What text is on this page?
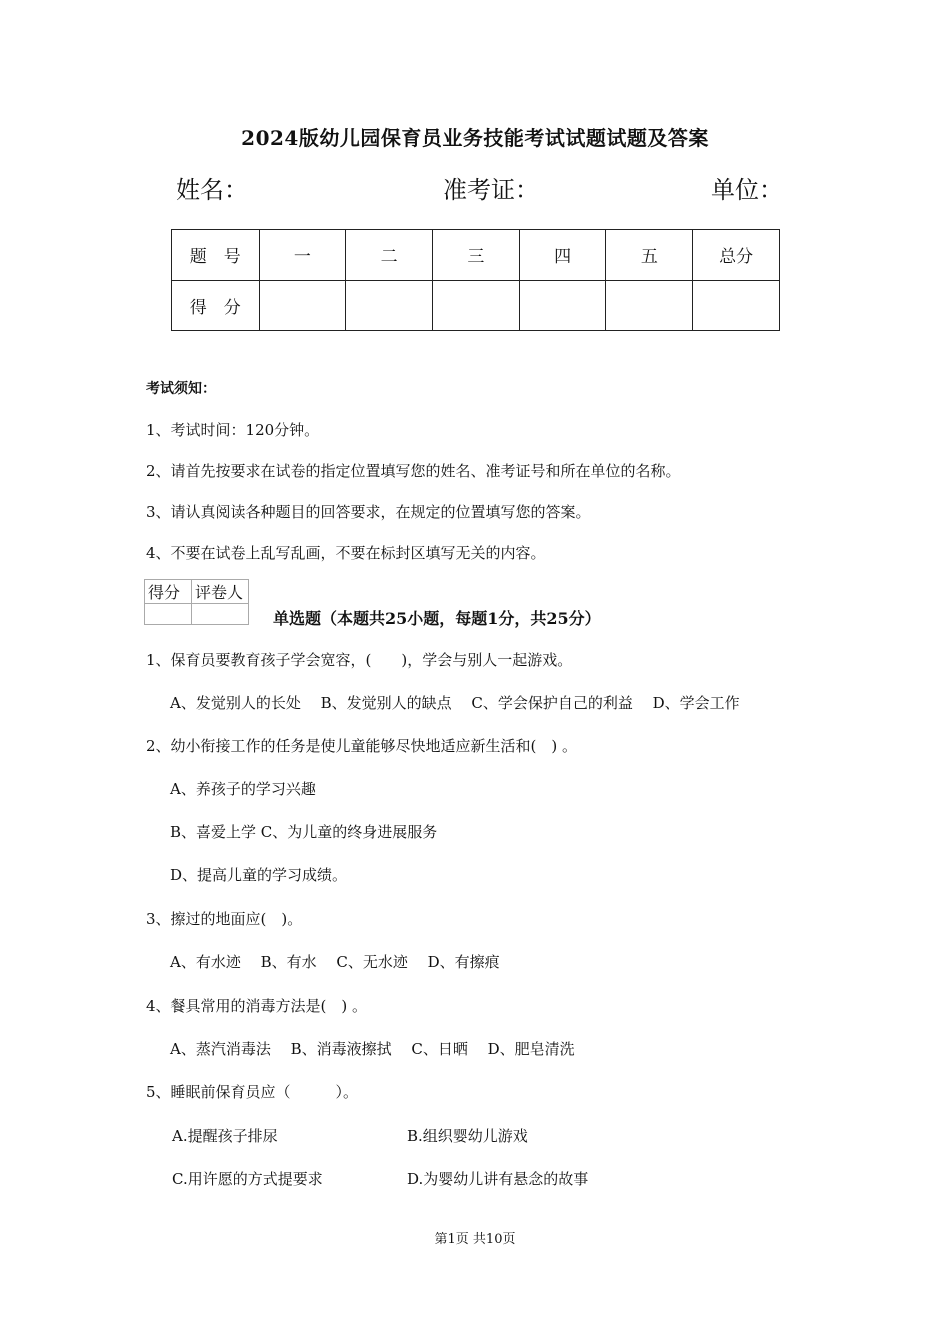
2024版幼儿园保育员业务技能考试试题试题及答案
姓名：	准考证：	单位：
题　号	一	二	三	四	五	总分
得　分						
考试须知：
1、考试时间：120分钟。
2、请首先按要求在试卷的指定位置填写您的姓名、准考证号和所在单位的名称。
3、请认真阅读各种题目的回答要求，在规定的位置填写您的答案。
4、不要在试卷上乱写乱画，不要在标封区填写无关的内容。
得分	评卷人

单选题（本题共25小题，每题1分，共25分）
1、保育员要教育孩子学会宽容，(　　)，学会与别人一起游戏。
A、发觉别人的长处　 B、发觉别人的缺点　 C、学会保护自己的利益　 D、学会工作
2、幼小衔接工作的任务是使儿童能够尽快地适应新生活和(　) 。
A、养孩子的学习兴趣
B、喜爱上学 C、为儿童的终身进展服务
D、提高儿童的学习成绩。
3、擦过的地面应(　)。
A、有水迹　 B、有水　 C、无水迹　 D、有擦痕
4、餐具常用的消毒方法是(　) 。
A、蒸汽消毒法　 B、消毒液擦拭　 C、日晒　 D、肥皂清洗
5、睡眠前保育员应（　　　）。
A.提醒孩子排尿	B.组织婴幼儿游戏
C.用许愿的方式提要求	D.为婴幼儿讲有悬念的故事
第1页 共10页
